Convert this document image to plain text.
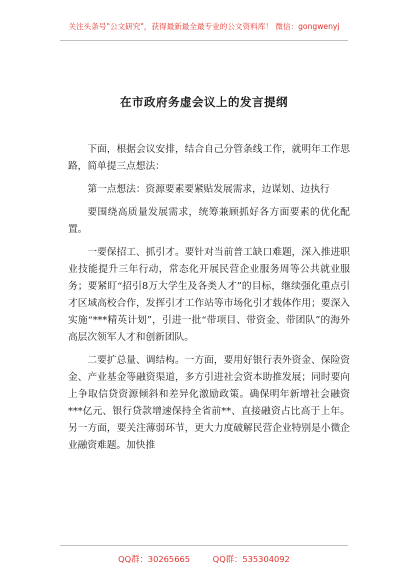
关注头条号"公文研究"，获得最新最全最专业的公文资料库！ 微信：gongwenyj
在市政府务虚会议上的发言提纲

下面，根据会议安排，结合自己分管条线工作，就明年工作思路，简单提三点想法：

第一点想法：资源要素要紧贴发展需求，边谋划、边执行

要围绕高质量发展需求，统筹兼顾抓好各方面要素的优化配置。

一要保招工、抓引才。要针对当前普工缺口难题，深入推进职业技能提升三年行动，常态化开展民营企业服务周等公共就业服务；要紧盯“招引8万大学生及各类人才”的目标，继续强化重点引才区域高校合作，发挥引才工作站等市场化引才载体作用；要深入实施“***精英计划”，引进一批“带项目、带资金、带团队”的海外高层次领军人才和创新团队。

二要扩总量、调结构。一方面，要用好银行表外资金、保险资金、产业基金等融资渠道，多方引进社会资本助推发展；同时要向上争取信贷资源倾斜和差异化激励政策。确保明年新增社会融资***亿元、银行贷款增速保持全省前**、直接融资占比高于上年。另一方面，要关注薄弱环节，更大力度破解民营企业特别是小微企业融资难题。加快推

QQ群：30265665	QQ群：535304092
